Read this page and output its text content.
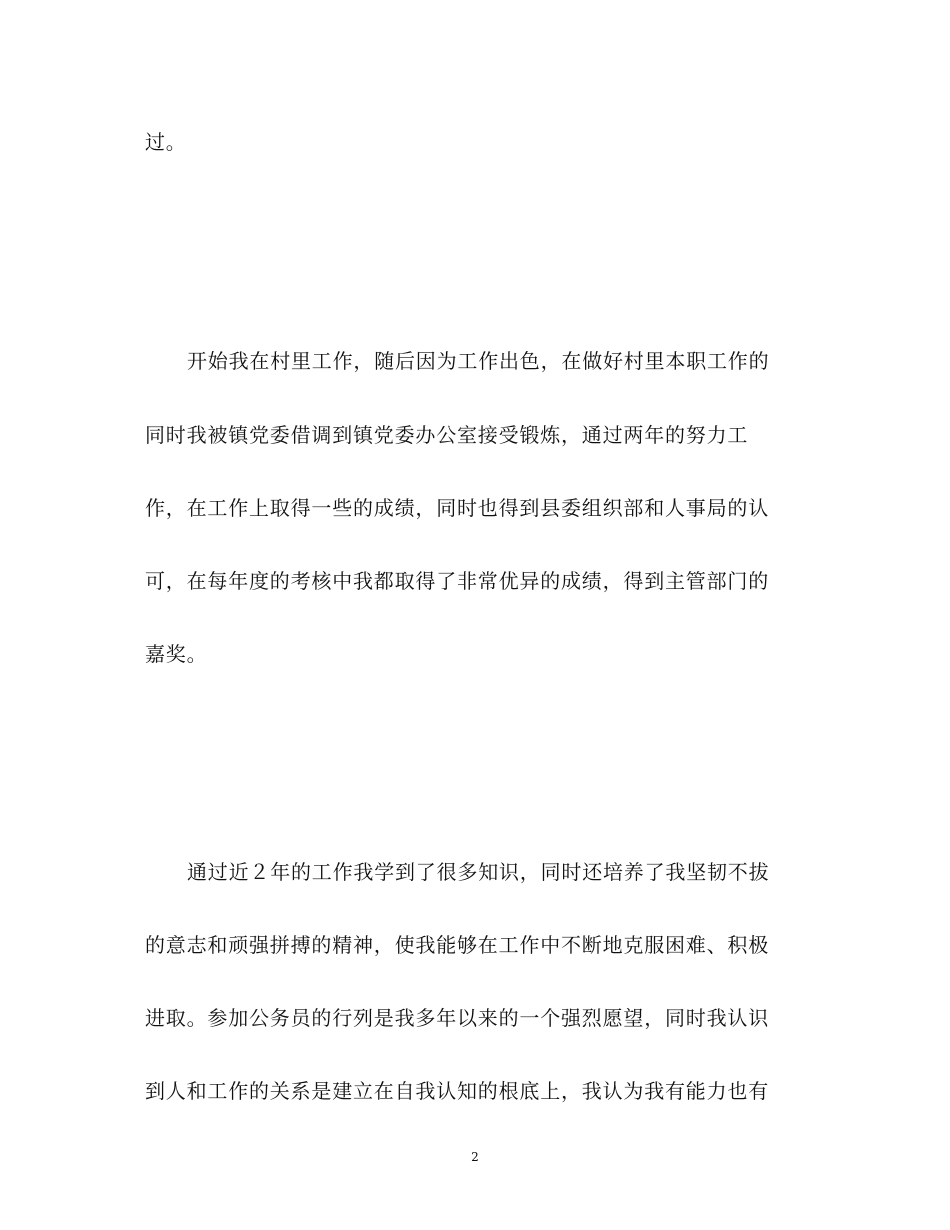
过。
开始我在村里工作，随后因为工作出色，在做好村里本职工作的
同时我被镇党委借调到镇党委办公室接受锻炼，通过两年的努力工
作，在工作上取得一些的成绩，同时也得到县委组织部和人事局的认
可，在每年度的考核中我都取得了非常优异的成绩，得到主管部门的
嘉奖。
通过近２年的工作我学到了很多知识，同时还培养了我坚韧不拔
的意志和顽强拼搏的精神，使我能够在工作中不断地克服困难、积极
进取。参加公务员的行列是我多年以来的一个强烈愿望，同时我认识
到人和工作的关系是建立在自我认知的根底上，我认为我有能力也有
2
